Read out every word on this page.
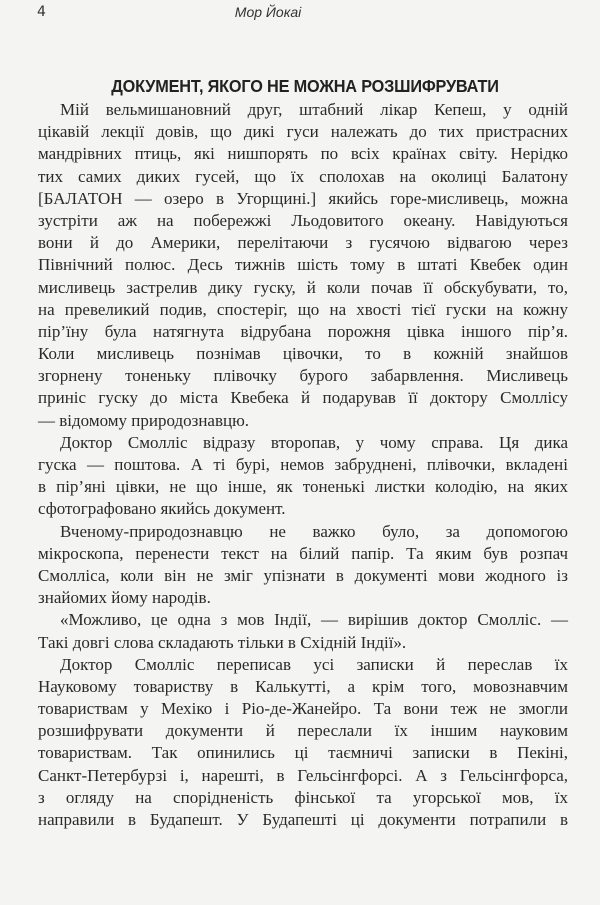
4	Мор Йокаі
ДОКУМЕНТ, ЯКОГО НЕ МОЖНА РОЗШИФРУВАТИ
Мій вельмишановний друг, штабний лікар Кепеш, у одній
цікавій лекції довів, що дикі гуси належать до тих пристрасних
мандрівних птиць, які нишпорять по всіх країнах світу. Нерідко
тих самих диких гусей, що їх сполохав на околиці Балатону
[БАЛАТОН — озеро в Угорщині.] якийсь горе-мисливець, можна
зустріти аж на побережжі Льодовитого океану. Навідуються
вони й до Америки, перелітаючи з гусячою відвагою через
Північний полюс. Десь тижнів шість тому в штаті Квебек один
мисливець застрелив дику гуску, й коли почав її обскубувати, то,
на превеликий подив, спостеріг, що на хвості тієї гуски на кожну
пір’їну була натягнута відрубана порожня цівка іншого пір’я.
Коли мисливець познімав цівочки, то в кожній знайшов
згорнену тоненьку плівочку бурого забарвлення. Мисливець
приніс гуску до міста Квебека й подарував її доктору Смоллісу
— відомому природознавцю.
Доктор Смолліс відразу второпав, у чому справа. Ця дика
гуска — поштова. А ті бурі, немов забруднені, плівочки, вкладені
в пір’яні цівки, не що інше, як тоненькі листки колодію, на яких
сфотографовано якийсь документ.
Вченому-природознавцю не важко було, за допомогою
мікроскопа, перенести текст на білий папір. Та яким був розпач
Смолліса, коли він не зміг упізнати в документі мови жодного із
знайомих йому народів.
«Можливо, це одна з мов Індії, — вирішив доктор Смолліс. —
Такі довгі слова складають тільки в Східній Індії».
Доктор Смолліс переписав усі записки й переслав їх
Науковому товариству в Калькутті, а крім того, мовознавчим
товариствам у Мехіко і Ріо-де-Жанейро. Та вони теж не змогли
розшифрувати документи й переслали їх іншим науковим
товариствам. Так опинились ці таємничі записки в Пекіні,
Санкт-Петербурзі і, нарешті, в Гельсінгфорсі. А з Гельсінгфорса,
з огляду на спорідненість фінської та угорської мов, їх
направили в Будапешт. У Будапешті ці документи потрапили в
